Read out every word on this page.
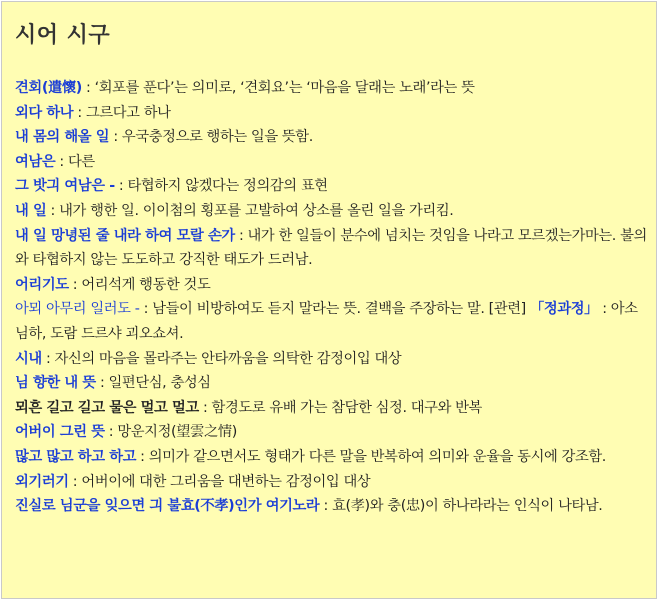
시어 시구

견회(遣懷) : ‘회포를 푼다’는 의미로, ‘견회요’는 ‘마음을 달래는 노래’라는 뜻

외다 하나 : 그르다고 하나

내 몸의 해올 일 : 우국충정으로 행하는 일을 뜻함.

여남은 : 다른

그 밧긔 여남은 - : 타협하지 않겠다는 정의감의 표현

내 일 : 내가 행한 일. 이이첨의 횡포를 고발하여 상소를 올린 일을 가리킴.

내 일 망녕된 줄 내라 하여 모랄 손가 : 내가 한 일들이 분수에 넘치는 것임을 나라고 모르겠는가마는. 불의와 타협하지 않는 도도하고 강직한 태도가 드러남.

어리기도 : 어리석게 행동한 것도

아뫼 아무리 일러도 - : 남들이 비방하여도 듣지 말라는 뜻. 결백을 주장하는 말. [관련] 「정과정」 : 아소 님하, 도람 드르샤 괴오쇼셔.

시내 : 자신의 마음을 몰라주는 안타까움을 의탁한 감정이입 대상

님 향한 내 뜻 : 일편단심, 충성심

뫼흔 길고 길고 물은 멀고 멀고 : 함경도로 유배 가는 참담한 심정. 대구와 반복

어버이 그린 뜻 : 망운지정(望雲之情)

많고 많고 하고 하고 : 의미가 같으면서도 형태가 다른 말을 반복하여 의미와 운율을 동시에 강조함.

외기러기 : 어버이에 대한 그리움을 대변하는 감정이입 대상

진실로 님군을 잊으면 긔 불효(不孝)인가 여기노라 : 효(孝)와 충(忠)이 하나라라는 인식이 나타남.
